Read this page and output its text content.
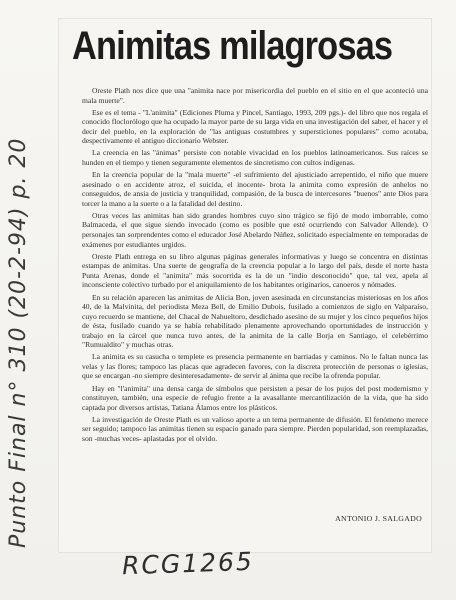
Animitas milagrosas

Oreste Plath nos dice que una "animita nace por misericordia del pueblo en el sitio en el que aconteció una mala muerte".

Ese es el tema - "L'animita" (Ediciones Pluma y Pincel, Santiago, 1993, 209 pgs.)- del libro que nos regala el conocido floclorólogo que ha ocupado la mayor parte de su larga vida en una investigación del saber, el hacer y el decir del pueblo, en la exploración de "las antiguas costumbres y supersticiones populares" como acotaba, despectivamente el antiguo diccionario Webster.

La creencia en las "ánimas" persiste con notable vivacidad en los pueblos latinoamericanos. Sus raíces se hunden en el tiempo y tienen seguramente elementos de sincretismo con cultos indígenas.

En la creencia popular de la "mala muerte" -el sufrimiento del ajusticiado arrepentido, el niño que muere asesinado o en accidente atroz, el suicida, el inocente- brota la animita como expresión de anhelos no conseguidos, de ansia de justicia y tranquilidad, compasión, de la busca de intercesores "buenos" ante Dios para torcer la mano a la suerte o a la fatalidad del destino.

Otras veces las animitas han sido grandes hombres cuyo sino trágico se fijó de modo imborrable, como Balmaceda, el que sigue siendo invocado (como es posible que esté ocurriendo con Salvador Allende). O personajes tan sorprendentes como el educador José Abelardo Núñez, solicitado especialmente en temporadas de exámenes por estudiantes urgidos.

Oreste Plath entrega en su libro algunas páginas generales informativas y luego se concentra en distintas estampas de animitas. Una suerte de geografía de la creencia popular a lo largo del país, desde el norte hasta Punta Arenas, donde el "animita" más socorrida es la de un "indio desconocido" que, tal vez, apela al inconsciente colectivo turbado por el aniquilamiento de los habitantes originarios, canoeros y nómades.

En su relación aparecen las animitas de Alicia Bon, joven asesinada en circunstancias misteriosas en los años 40, de la Malvinita, del periodista Meza Bell, de Emilio Dubois, fusilado a comienzos de siglo en Valparaíso, cuyo recuerdo se mantiene, del Chacal de Nahueltoro, desdichado asesino de su mujer y los cinco pequeños hijos de ésta, fusilado cuando ya se había rehabilitado plenamente aprovechando oportunidades de instrucción y trabajo en la cárcel que nunca tuvo antes, de la animita de la calle Borja en Santiago, el celebérrimo "Rumualdito" y muchas otras.

La animita es su casucha o templete es presencia permanente en barriadas y caminos. No le faltan nunca las velas y las flores; tampoco las placas que agradecen favores, con la discreta protección de personas o iglesias, que se encargan -no siempre desinteresadamente- de servir al ánima que recibe la ofrenda popular.

Hay en "l'animita" una densa carga de símbolos que persisten a pesar de los pujos del post modernismo y constituyen, también, una especie de refugio frente a la avasallante mercantilización de la vida, que ha sido captada por diversos artistas, Tatiana Álamos entre los plásticos.

La investigación de Oreste Plath es un valioso aporte a un tema permanente de difusión. El fenómeno merece ser seguido; tampoco las animitas tienen su espacio ganado para siempre. Pierden popularidad, son reemplazadas, son -muchas veces- aplastadas por el olvido.

ANTONIO J. SALGADO
Punto Final n° 310 (20-2-94) p. 20
RCG1265
